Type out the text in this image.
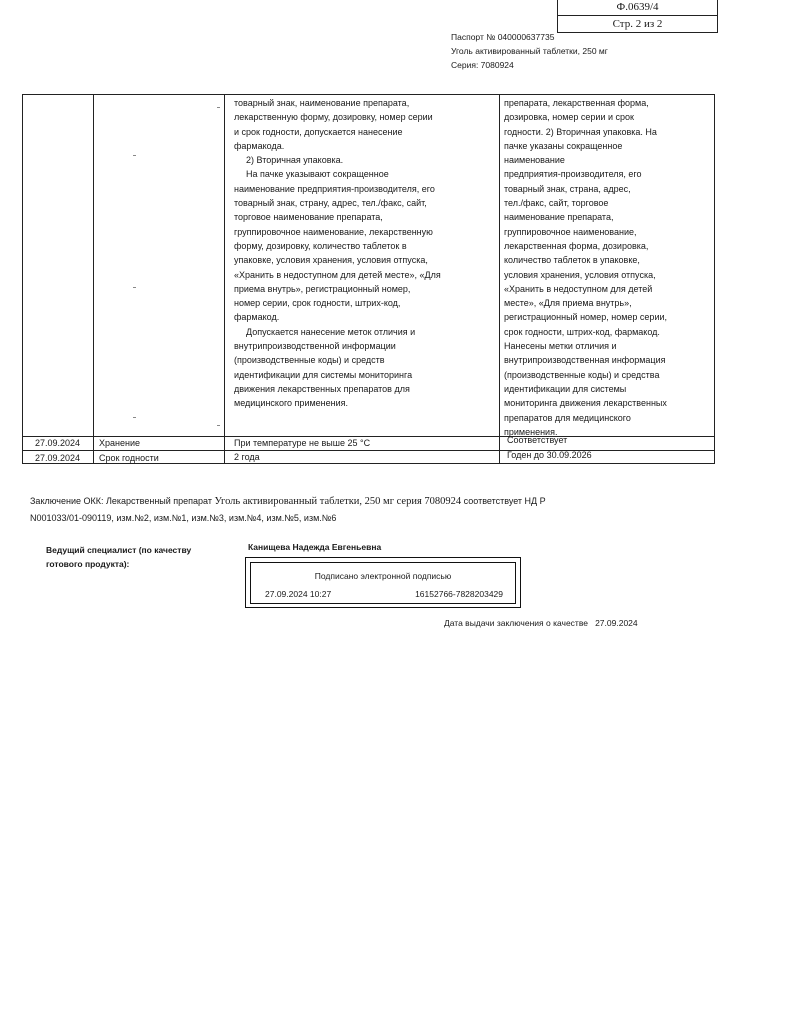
Ф.0639/4
Стр. 2 из 2
Паспорт № 040000637735
Уголь активированный таблетки, 250 мг
Серия: 7080924
товарный знак, наименование препарата,
лекарственную форму, дозировку, номер серии
и срок годности, допускается нанесение
фармакода.
2) Вторичная упаковка.
На пачке указывают сокращенное
наименование предприятия-производителя, его
товарный знак, страну, адрес, тел./факс, сайт,
торговое наименование препарата,
группировочное наименование, лекарственную
форму, дозировку, количество таблеток в
упаковке, условия хранения, условия отпуска,
«Хранить в недоступном для детей месте», «Для
приема внутрь», регистрационный номер,
номер серии, срок годности, штрих-код,
фармакод.
Допускается нанесение меток отличия и
внутрипроизводственной информации
(производственные коды) и средств
идентификации для системы мониторинга
движения лекарственных препаратов для
медицинского применения.
препарата, лекарственная форма,
дозировка, номер серии и срок
годности. 2) Вторичная упаковка. На
пачке указаны сокращенное
наименование
предприятия-производителя, его
товарный знак, страна, адрес,
тел./факс, сайт, торговое
наименование препарата,
группировочное наименование,
лекарственная форма, дозировка,
количество таблеток в упаковке,
условия хранения, условия отпуска,
«Хранить в недоступном для детей
месте», «Для приема внутрь»,
регистрационный номер, номер серии,
срок годности, штрих-код, фармакод.
Нанесены метки отличия и
внутрипроизводственная информация
(производственные коды) и средства
идентификации для системы
мониторинга движения лекарственных
препаратов для медицинского
применения.
27.09.2024 Хранение	При температуре не выше 25 °С	Соответствует
27.09.2024 Срок годности	2 года	Годен до 30.09.2026
Заключение ОКК: Лекарственный препарат Уголь активированный таблетки, 250 мг серия 7080924 соответствует НД Р
N001033/01-090119, изм.№2, изм.№1, изм.№3, изм.№4, изм.№5, изм.№6
Ведущий специалист (по качеству готового продукта):
Канищева Надежда Евгеньевна
Подписано электронной подписью
27.09.2024 10:27	16152766-7828203429
Дата выдачи заключения о качестве 27.09.2024
